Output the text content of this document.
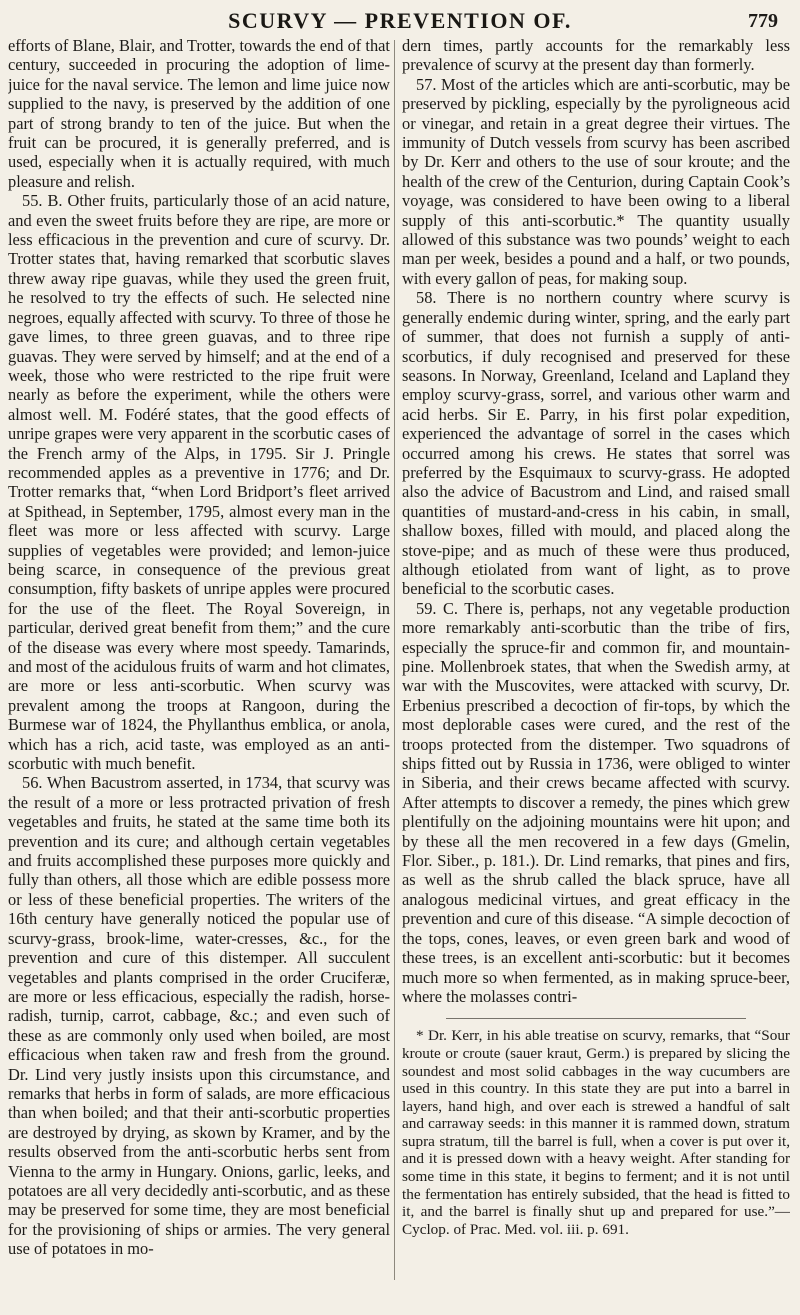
SCURVY — PREVENTION OF.	779

efforts of Blane, Blair, and Trotter, towards the end of that century, succeeded in procuring the adoption of lime-juice for the naval service. The lemon and lime juice now supplied to the navy, is preserved by the addition of one part of strong brandy to ten of the juice. But when the fruit can be procured, it is generally preferred, and is used, especially when it is actually required, with much pleasure and relish.

55. B. Other fruits, particularly those of an acid nature, and even the sweet fruits before they are ripe, are more or less efficacious in the prevention and cure of scurvy. Dr. Trotter states that, having remarked that scorbutic slaves threw away ripe guavas, while they used the green fruit, he resolved to try the effects of such. He selected nine negroes, equally affected with scurvy. To three of those he gave limes, to three green guavas, and to three ripe guavas. They were served by himself; and at the end of a week, those who were restricted to the ripe fruit were nearly as before the experiment, while the others were almost well. M. Fodéré states, that the good effects of unripe grapes were very apparent in the scorbutic cases of the French army of the Alps, in 1795. Sir J. Pringle recommended apples as a preventive in 1776; and Dr. Trotter remarks that, “when Lord Bridport’s fleet arrived at Spithead, in September, 1795, almost every man in the fleet was more or less affected with scurvy. Large supplies of vegetables were provided; and lemon-juice being scarce, in consequence of the previous great consumption, fifty baskets of unripe apples were procured for the use of the fleet. The Royal Sovereign, in particular, derived great benefit from them;” and the cure of the disease was every where most speedy. Tamarinds, and most of the acidulous fruits of warm and hot climates, are more or less anti-scorbutic. When scurvy was prevalent among the troops at Rangoon, during the Burmese war of 1824, the Phyllanthus emblica, or anola, which has a rich, acid taste, was employed as an anti-scorbutic with much benefit.

56. When Bacustrom asserted, in 1734, that scurvy was the result of a more or less protracted privation of fresh vegetables and fruits, he stated at the same time both its prevention and its cure; and although certain vegetables and fruits accomplished these purposes more quickly and fully than others, all those which are edible possess more or less of these beneficial properties. The writers of the 16th century have generally noticed the popular use of scurvy-grass, brook-lime, water-cresses, &c., for the prevention and cure of this distemper. All succulent vegetables and plants comprised in the order Cruciferæ, are more or less efficacious, especially the radish, horse-radish, turnip, carrot, cabbage, &c.; and even such of these as are commonly only used when boiled, are most efficacious when taken raw and fresh from the ground. Dr. Lind very justly insists upon this circumstance, and remarks that herbs in form of salads, are more efficacious than when boiled; and that their anti-scorbutic properties are destroyed by drying, as skown by Kramer, and by the results observed from the anti-scorbutic herbs sent from Vienna to the army in Hungary. Onions, garlic, leeks, and potatoes are all very decidedly anti-scorbutic, and as these may be preserved for some time, they are most beneficial for the provisioning of ships or armies. The very general use of potatoes in mo-

dern times, partly accounts for the remarkably less prevalence of scurvy at the present day than formerly.

57. Most of the articles which are anti-scorbutic, may be preserved by pickling, especially by the pyroligneous acid or vinegar, and retain in a great degree their virtues. The immunity of Dutch vessels from scurvy has been ascribed by Dr. Kerr and others to the use of sour kroute; and the health of the crew of the Centurion, during Captain Cook’s voyage, was considered to have been owing to a liberal supply of this anti-scorbutic.* The quantity usually allowed of this substance was two pounds’ weight to each man per week, besides a pound and a half, or two pounds, with every gallon of peas, for making soup.

58. There is no northern country where scurvy is generally endemic during winter, spring, and the early part of summer, that does not furnish a supply of anti-scorbutics, if duly recognised and preserved for these seasons. In Norway, Greenland, Iceland and Lapland they employ scurvy-grass, sorrel, and various other warm and acid herbs. Sir E. Parry, in his first polar expedition, experienced the advantage of sorrel in the cases which occurred among his crews. He states that sorrel was preferred by the Esquimaux to scurvy-grass. He adopted also the advice of Bacustrom and Lind, and raised small quantities of mustard-and-cress in his cabin, in small, shallow boxes, filled with mould, and placed along the stove-pipe; and as much of these were thus produced, although etiolated from want of light, as to prove beneficial to the scorbutic cases.

59. C. There is, perhaps, not any vegetable production more remarkably anti-scorbutic than the tribe of firs, especially the spruce-fir and common fir, and mountain-pine. Mollenbroek states, that when the Swedish army, at war with the Muscovites, were attacked with scurvy, Dr. Erbenius prescribed a decoction of fir-tops, by which the most deplorable cases were cured, and the rest of the troops protected from the distemper. Two squadrons of ships fitted out by Russia in 1736, were obliged to winter in Siberia, and their crews became affected with scurvy. After attempts to discover a remedy, the pines which grew plentifully on the adjoining mountains were hit upon; and by these all the men recovered in a few days (Gmelin, Flor. Siber., p. 181.). Dr. Lind remarks, that pines and firs, as well as the shrub called the black spruce, have all analogous medicinal virtues, and great efficacy in the prevention and cure of this disease. “A simple decoction of the tops, cones, leaves, or even green bark and wood of these trees, is an excellent anti-scorbutic: but it becomes much more so when fermented, as in making spruce-beer, where the molasses contri-

* Dr. Kerr, in his able treatise on scurvy, remarks, that “Sour kroute or croute (sauer kraut, Germ.) is prepared by slicing the soundest and most solid cabbages in the way cucumbers are used in this country. In this state they are put into a barrel in layers, hand high, and over each is strewed a handful of salt and carraway seeds: in this manner it is rammed down, stratum supra stratum, till the barrel is full, when a cover is put over it, and it is pressed down with a heavy weight. After standing for some time in this state, it begins to ferment; and it is not until the fermentation has entirely subsided, that the head is fitted to it, and the barrel is finally shut up and prepared for use.”—Cyclop. of Prac. Med. vol. iii. p. 691.
